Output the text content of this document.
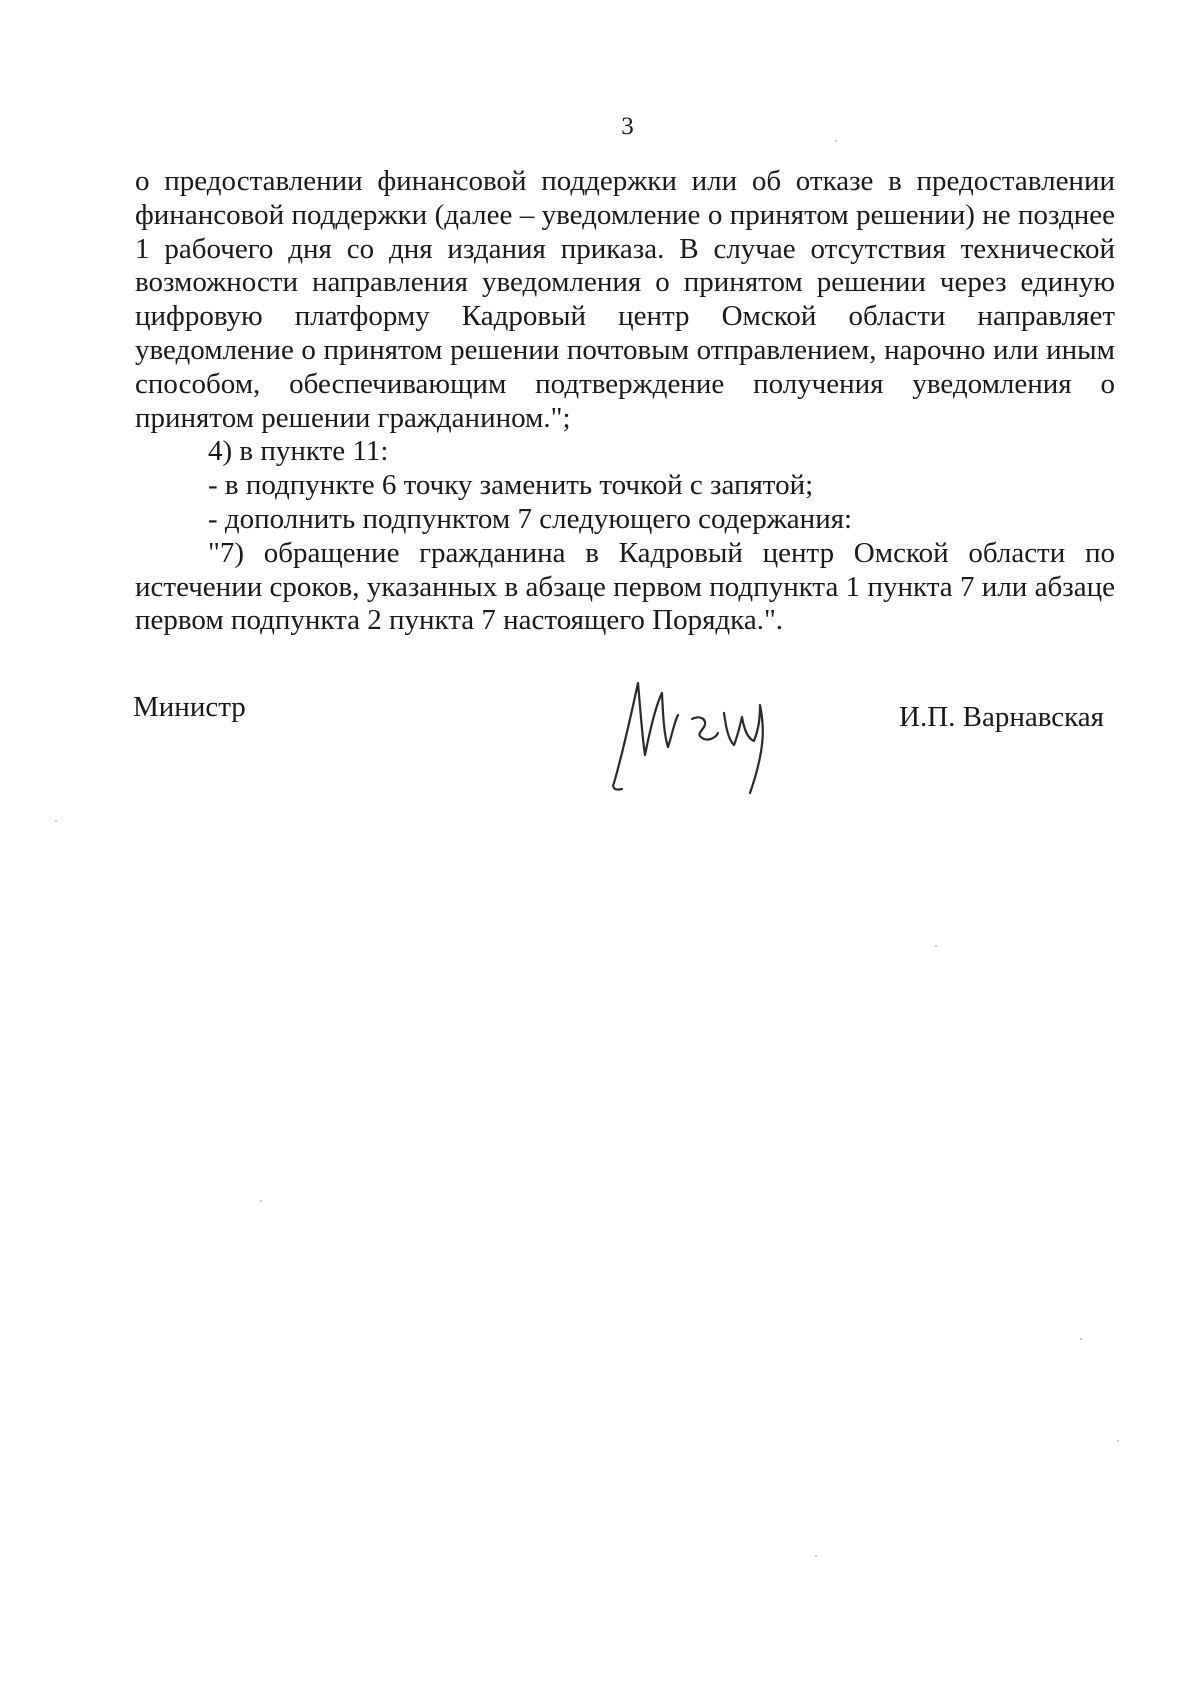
3

о предоставлении финансовой поддержки или об отказе в предоставлении финансовой поддержки (далее – уведомление о принятом решении) не позднее 1 рабочего дня со дня издания приказа. В случае отсутствия технической возможности направления уведомления о принятом решении через единую цифровую платформу Кадровый центр Омской области направляет уведомление о принятом решении почтовым отправлением, нарочно или иным способом, обеспечивающим подтверждение получения уведомления о принятом решении гражданином.";

4) в пункте 11:

- в подпункте 6 точку заменить точкой с запятой;

- дополнить подпунктом 7 следующего содержания:

"7) обращение гражданина в Кадровый центр Омской области по истечении сроков, указанных в абзаце первом подпункта 1 пункта 7 или абзаце первом подпункта 2 пункта 7 настоящего Порядка.".

Министр	И.П. Варнавская
